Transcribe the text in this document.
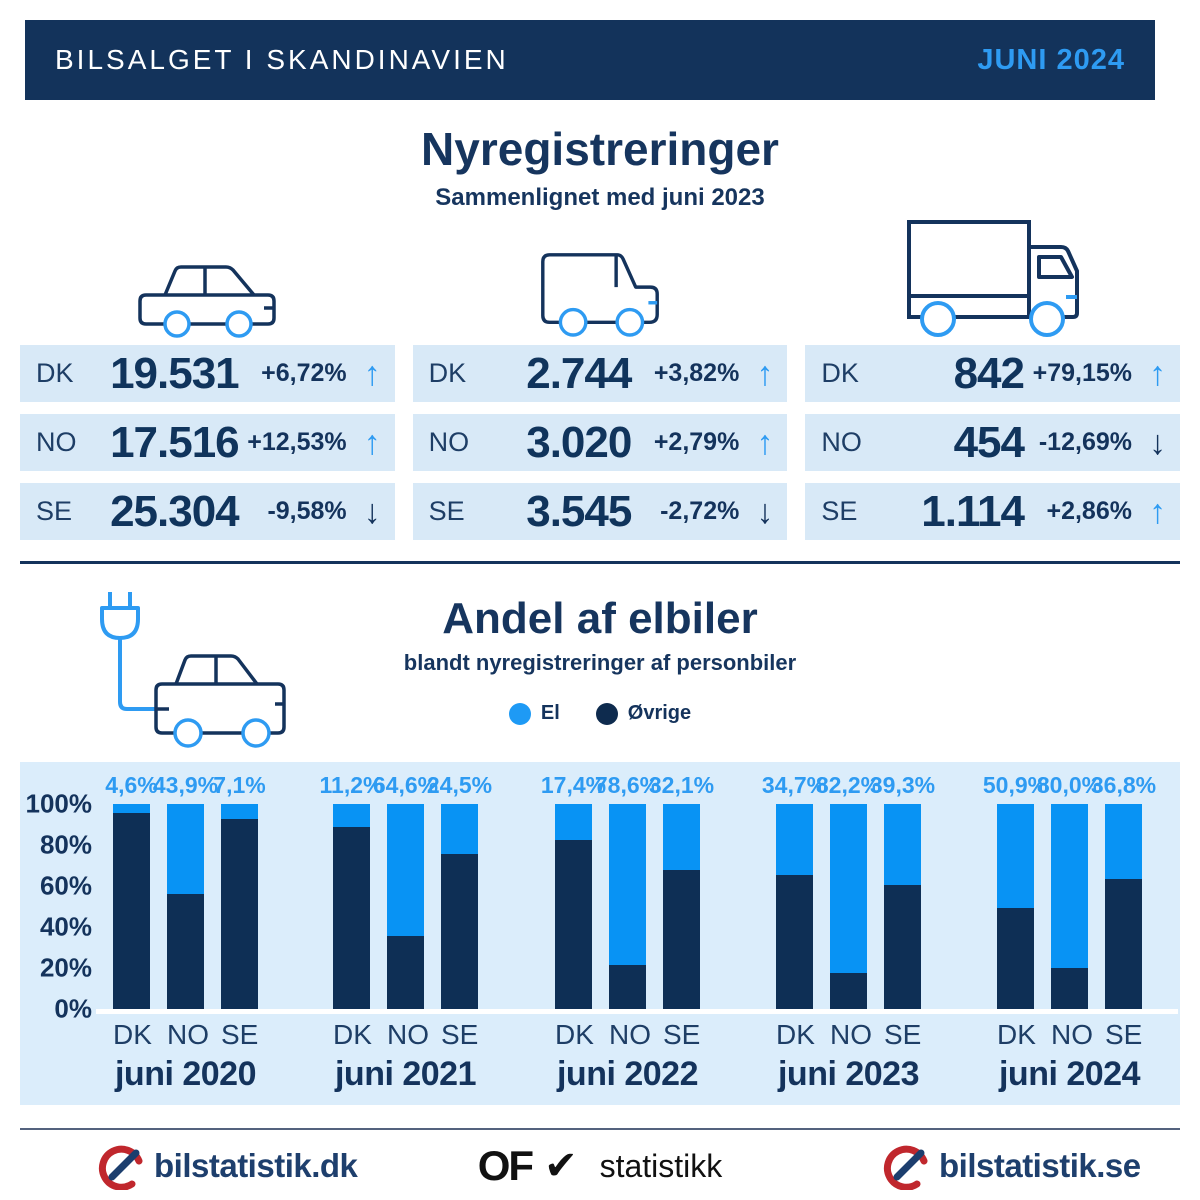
BILSALGET I SKANDINAVIEN	JUNI 2024
Nyregistreringer
Sammenlignet med juni 2023
DK 19.531 +6,72% ↑
NO 17.516 +12,53% ↑
SE 25.304	-9,58% ↓
DK	2.744 +3,82% ↑
NO	3.020 +2,79% ↑
SE	3.545	-2,72% ↓
DK	842 +79,15% ↑
NO	454 -12,69% ↓
SE	1.114 +2,86% ↑
Andel af elbiler
blandt nyregistreringer af personbiler
El	Øvrige
100%
80%
60%
40%
20%
0%
4,6%
43,9%
7,1%
DK NO SE
juni 2020
11,2%
64,6%
24,5%
DK NO SE
juni 2021
17,4%
78,6%
32,1%
DK NO SE
juni 2022
34,7%
82,2%
39,3%
DK NO SE
juni 2023
50,9%
80,0%
36,8%
DK NO SE
juni 2024
bilstatistik.dk	OF ✔ statistikk	bilstatistik.se
